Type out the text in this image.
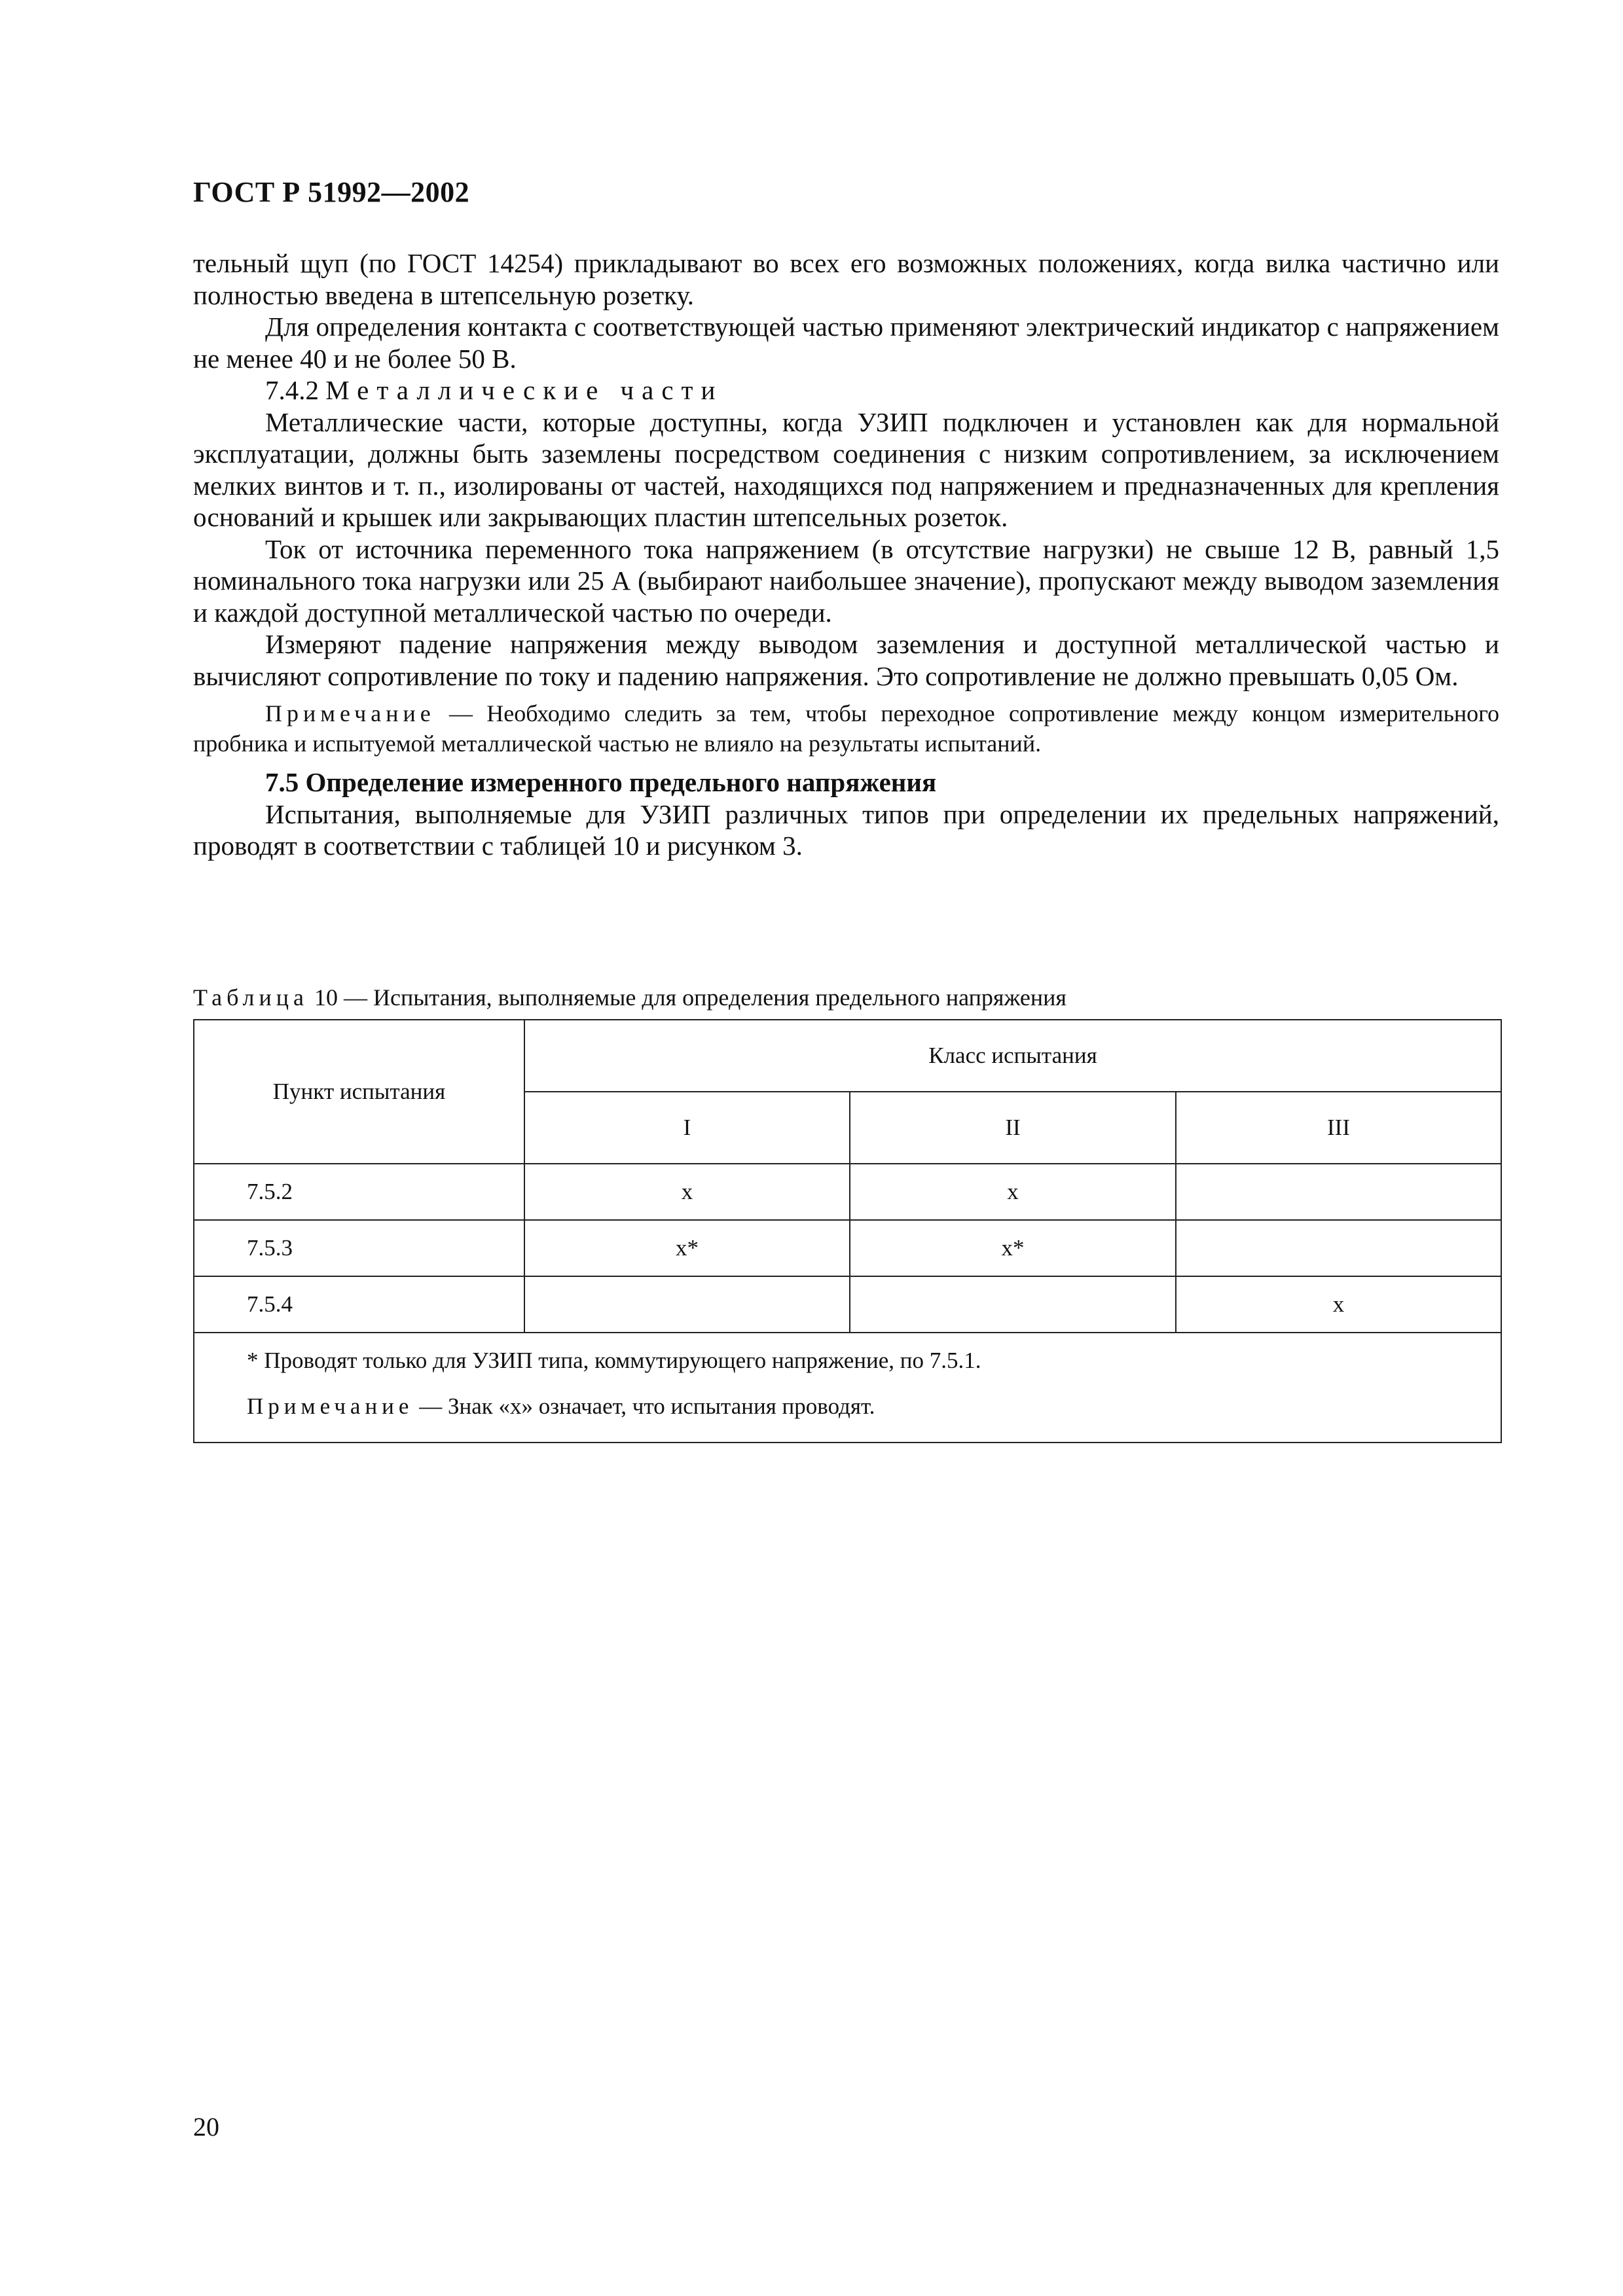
ГОСТ Р 51992—2002

тельный щуп (по ГОСТ 14254) прикладывают во всех его возможных положениях, когда вилка частично или полностью введена в штепсельную розетку.

Для определения контакта с соответствующей частью применяют электрический индикатор с напряжением не менее 40 и не более 50 В.

7.4.2 Металлические части

Металлические части, которые доступны, когда УЗИП подключен и установлен как для нормальной эксплуатации, должны быть заземлены посредством соединения с низким сопротивлением, за исключением мелких винтов и т. п., изолированы от частей, находящихся под напряжением и предназначенных для крепления оснований и крышек или закрывающих пластин штепсельных розеток.

Ток от источника переменного тока напряжением (в отсутствие нагрузки) не свыше 12 В, равный 1,5 номинального тока нагрузки или 25 А (выбирают наибольшее значение), пропускают между выводом заземления и каждой доступной металлической частью по очереди.

Измеряют падение напряжения между выводом заземления и доступной металлической частью и вычисляют сопротивление по току и падению напряжения. Это сопротивление не должно превышать 0,05 Ом.

Примечание — Необходимо следить за тем, чтобы переходное сопротивление между концом измерительного пробника и испытуемой металлической частью не влияло на результаты испытаний.

7.5 Определение измеренного предельного напряжения

Испытания, выполняемые для УЗИП различных типов при определении их предельных напряжений, проводят в соответствии с таблицей 10 и рисунком 3.

Таблица 10 — Испытания, выполняемые для определения предельного напряжения
Пункт испытания	Класс испытания		
	I	II	III
7.5.2	x	x	
7.5.3	x*	x*	
7.5.4			x

* Проводят только для УЗИП типа, коммутирующего напряжение, по 7.5.1.
Примечание — Знак «х» означает, что испытания проводят.			
20
